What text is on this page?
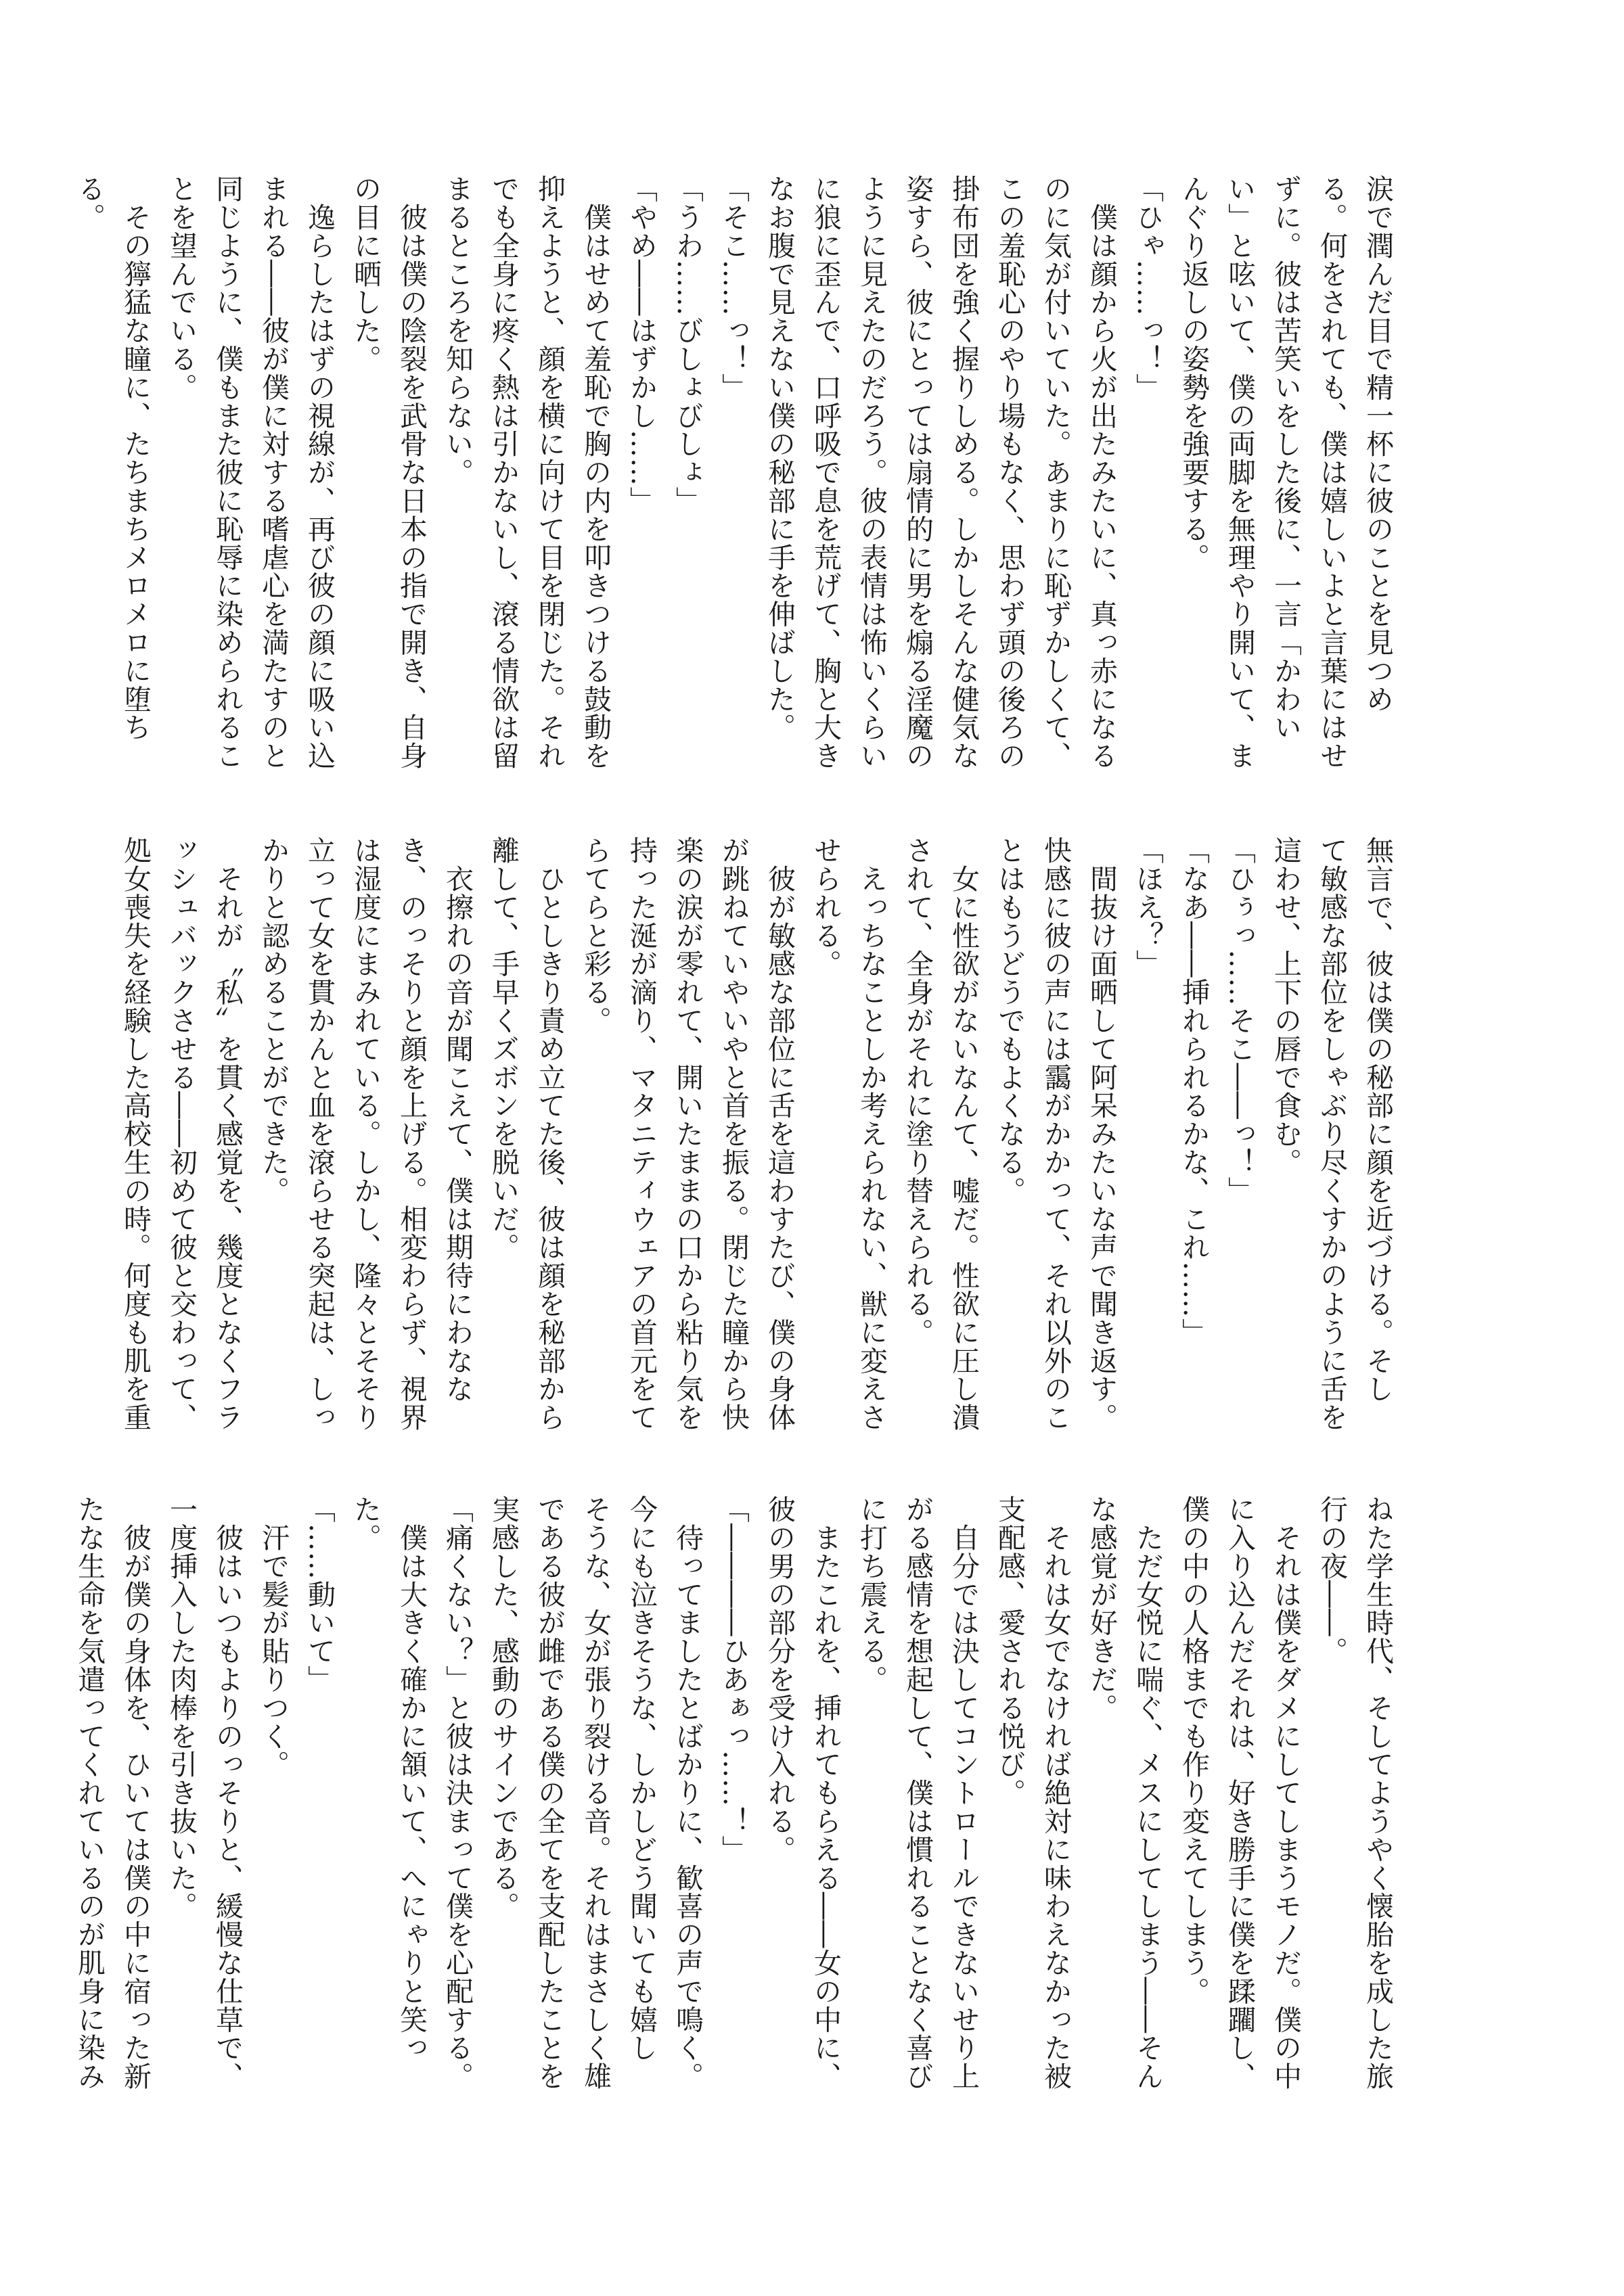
涙で潤んだ目で精一杯に彼のことを見つめ

る。何をされても、僕は嬉しいよと言葉にはせ

ずに。彼は苦笑いをした後に、一言「かわい

い」と呟いて、僕の両脚を無理やり開いて、ま

んぐり返しの姿勢を強要する。

「ひゃ……っ！」

　僕は顔から火が出たみたいに、真っ赤になる

のに気が付いていた。あまりに恥ずかしくて、

この羞恥心のやり場もなく、思わず頭の後ろの

掛布団を強く握りしめる。しかしそんな健気な

姿すら、彼にとっては扇情的に男を煽る淫魔の

ように見えたのだろう。彼の表情は怖いくらい

に狼に歪んで、口呼吸で息を荒げて、胸と大き

なお腹で見えない僕の秘部に手を伸ばした。

「そこ……っ！」

「うわ……びしょびしょ」

「やめ――はずかし……」

　僕はせめて羞恥で胸の内を叩きつける鼓動を

抑えようと、顔を横に向けて目を閉じた。それ

でも全身に疼く熱は引かないし、滾る情欲は留

まるところを知らない。

　彼は僕の陰裂を武骨な日本の指で開き、自身

の目に晒した。

　逸らしたはずの視線が、再び彼の顔に吸い込

まれる――彼が僕に対する嗜虐心を満たすのと

同じように、僕もまた彼に恥辱に染められるこ

とを望んでいる。

　その獰猛な瞳に、たちまちメロメロに堕ち

る。

無言で、彼は僕の秘部に顔を近づける。そし

て敏感な部位をしゃぶり尽くすかのように舌を

這わせ、上下の唇で食む。

「ひぅっ……そこ――っ！」

「なあ――挿れられるかな、これ……」

「ほえ？」

　間抜け面晒して阿呆みたいな声で聞き返す。

快感に彼の声には靄がかかって、それ以外のこ

とはもうどうでもよくなる。

　女に性欲がないなんて、嘘だ。性欲に圧し潰

されて、全身がそれに塗り替えられる。

　えっちなことしか考えられない、獣に変えさ

せられる。

　彼が敏感な部位に舌を這わすたび、僕の身体

が跳ねていやいやと首を振る。閉じた瞳から快

楽の涙が零れて、開いたままの口から粘り気を

持った涎が滴り、マタニティウェアの首元をて

らてらと彩る。

　ひとしきり責め立てた後、彼は顔を秘部から

離して、手早くズボンを脱いだ。

　衣擦れの音が聞こえて、僕は期待にわなな

き、のっそりと顔を上げる。相変わらず、視界

は湿度にまみれている。しかし、隆々とそそり

立って女を貫かんと血を滾らせる突起は、しっ

かりと認めることができた。

　それが〝私〟を貫く感覚を、幾度となくフラ

ッシュバックさせる――初めて彼と交わって、

処女喪失を経験した高校生の時。何度も肌を重

ねた学生時代、そしてようやく懐胎を成した旅

行の夜――。

　それは僕をダメにしてしまうモノだ。僕の中

に入り込んだそれは、好き勝手に僕を蹂躙し、

僕の中の人格までも作り変えてしまう。

　ただ女悦に喘ぐ、メスにしてしまう――そん

な感覚が好きだ。

　それは女でなければ絶対に味わえなかった被

支配感、愛される悦び。

　自分では決してコントロールできないせり上

がる感情を想起して、僕は慣れることなく喜び

に打ち震える。

　またこれを、挿れてもらえる――女の中に、

彼の男の部分を受け入れる。

「――――ひあぁっ……！」

　待ってましたとばかりに、歓喜の声で鳴く。

今にも泣きそうな、しかしどう聞いても嬉し

そうな、女が張り裂ける音。それはまさしく雄

である彼が雌である僕の全てを支配したことを

実感した、感動のサインである。

「痛くない？」と彼は決まって僕を心配する。

　僕は大きく確かに頷いて、へにゃりと笑っ

た。

「……動いて」

　汗で髪が貼りつく。

　彼はいつもよりのっそりと、緩慢な仕草で、

一度挿入した肉棒を引き抜いた。

　彼が僕の身体を、ひいては僕の中に宿った新

たな生命を気遣ってくれているのが肌身に染み
